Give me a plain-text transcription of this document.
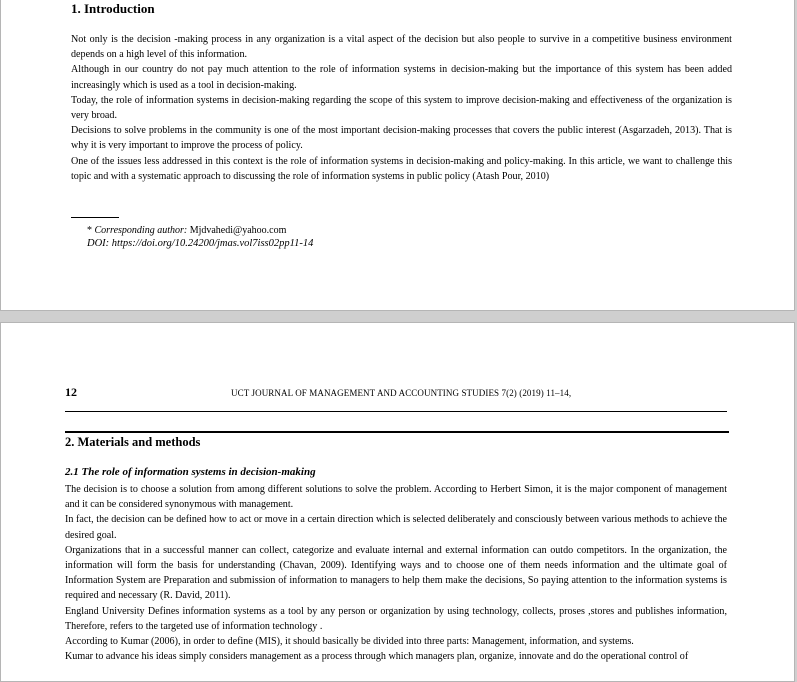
1. Introduction

Not only is the decision -making process in any organization is a vital aspect of the decision but also people to survive in a competitive business environment depends on a high level of this information.

Although in our country do not pay much attention to the role of information systems in decision-making but the importance of this system has been added increasingly which is used as a tool in decision-making.

Today, the role of information systems in decision-making regarding the scope of this system to improve decision-making and effectiveness of the organization is very broad.

Decisions to solve problems in the community is one of the most important decision-making processes that covers the public interest (Asgarzadeh, 2013). That is why it is very important to improve the process of policy.

One of the issues less addressed in this context is the role of information systems in decision-making and policy-making. In this article, we want to challenge this topic and with a systematic approach to discussing the role of information systems in public policy (Atash Pour, 2010)

* Corresponding author: Mjdvahedi@yahoo.com
DOI: https://doi.org/10.24200/jmas.vol7iss02pp11-14
12	UCT JOURNAL OF MANAGEMENT AND ACCOUNTING STUDIES 7(2) (2019) 11–14,
2. Materials and methods
2.1 The role of information systems in decision-making

The decision is to choose a solution from among different solutions to solve the problem. According to Herbert Simon, it is the major component of management and it can be considered synonymous with management.

In fact, the decision can be defined how to act or move in a certain direction which is selected deliberately and consciously between various methods to achieve the desired goal.

Organizations that in a successful manner can collect, categorize and evaluate internal and external information can outdo competitors. In the organization, the information will form the basis for understanding (Chavan, 2009). Identifying ways and to choose one of them needs information and the ultimate goal of Information System are Preparation and submission of information to managers to help them make the decisions, So paying attention to the information systems is required and necessary (R. David, 2011).

England University Defines information systems as a tool by any person or organization by using technology, collects, proses ,stores and publishes information, Therefore, refers to the targeted use of information technology .

According to Kumar (2006), in order to define (MIS), it should basically be divided into three parts: Management, information, and systems.

Kumar to advance his ideas simply considers management as a process through which managers plan, organize, innovate and do the operational control of
